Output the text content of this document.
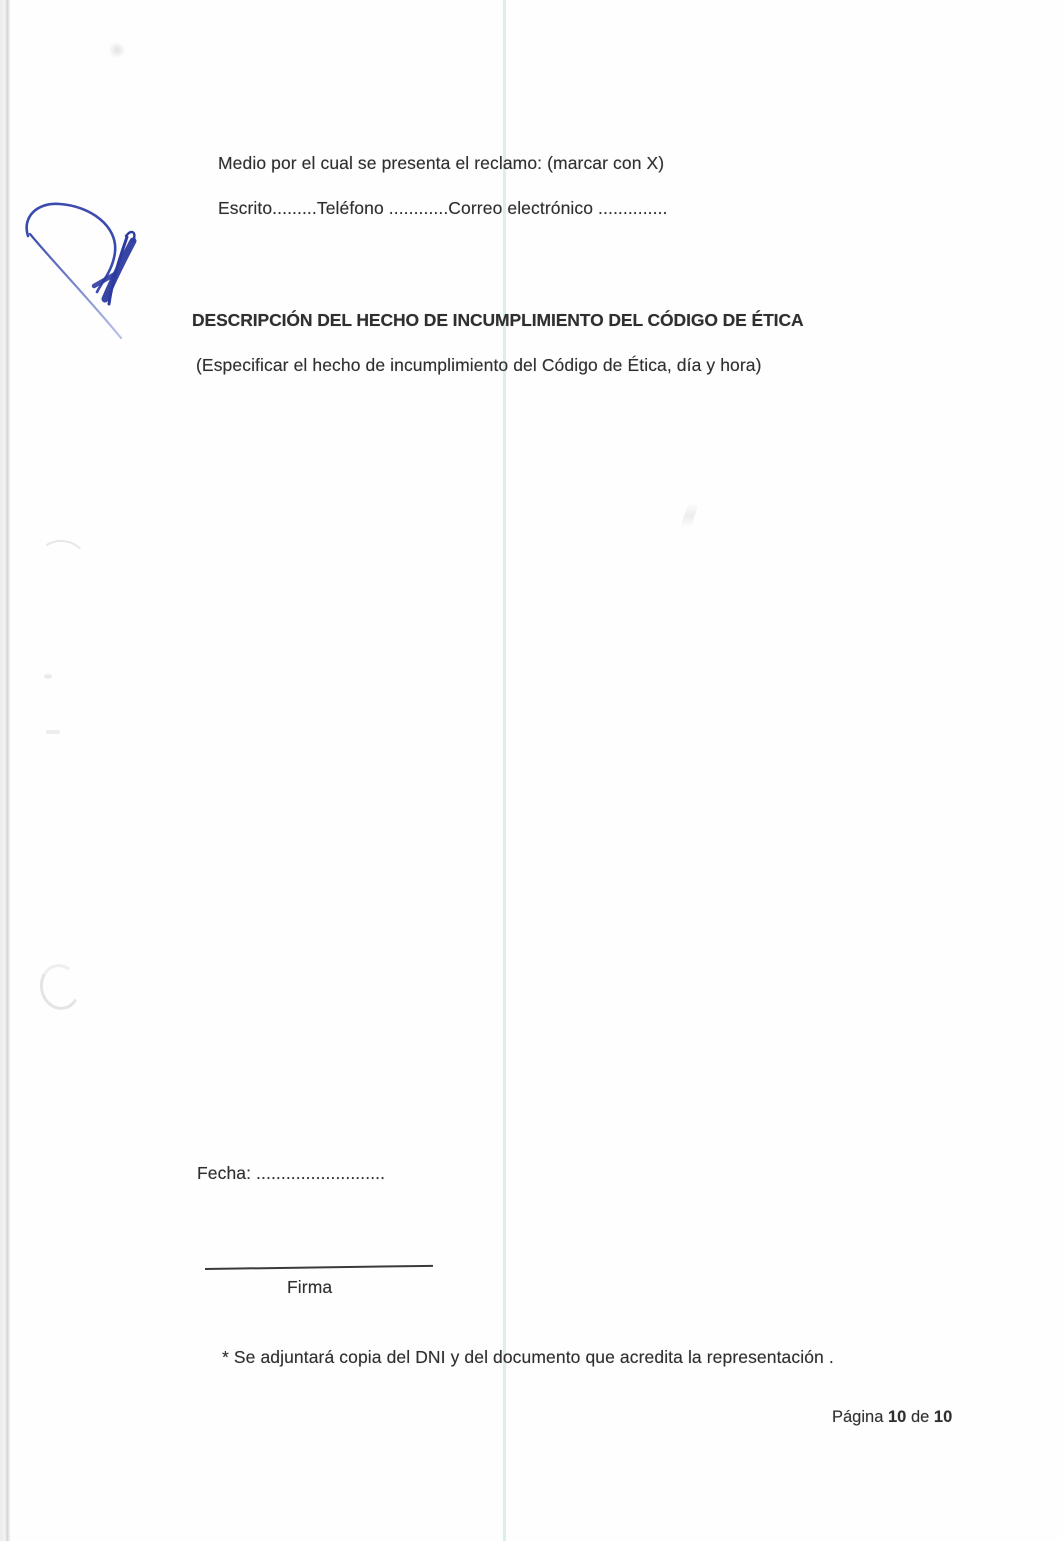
Medio por el cual se presenta el reclamo: (marcar con X)
Escrito.........Teléfono ............Correo electrónico ..............
DESCRIPCIÓN DEL HECHO DE INCUMPLIMIENTO DEL CÓDIGO DE ÉTICA
(Especificar el hecho de incumplimiento del Código de Ética, día y hora)
Fecha: ..........................
Firma
* Se adjuntará copia del DNI y del documento que acredita la representación .
Página 10 de 10
